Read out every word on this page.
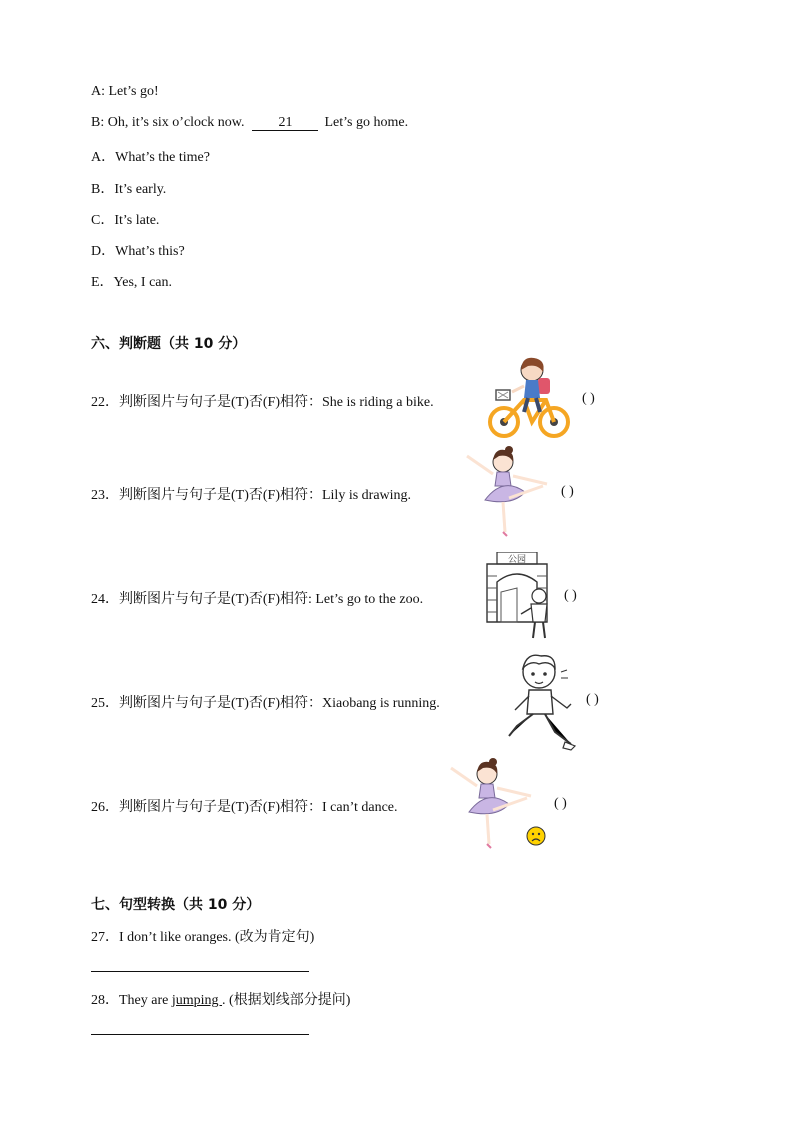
A: Let’s go!
B: Oh, it’s six o’clock now. 21 Let’s go home.
A．What’s the time?
B．It’s early.
C．It’s late.
D．What’s this?
E．Yes, I can.
六、判断题（共 10 分）
22．判断图片与句子是(T)否(F)相符：She is riding a bike.	( )
23．判断图片与句子是(T)否(F)相符：Lily is drawing.	( )
24．判断图片与句子是(T)否(F)相符: Let’s go to the zoo.
公园
( )
25．判断图片与句子是(T)否(F)相符：Xiaobang is running.	( )
26．判断图片与句子是(T)否(F)相符：I can’t dance.	( )
七、句型转换（共 10 分）
27．I don’t like oranges. (改为肯定句)
28．They are jumping . (根据划线部分提问)
